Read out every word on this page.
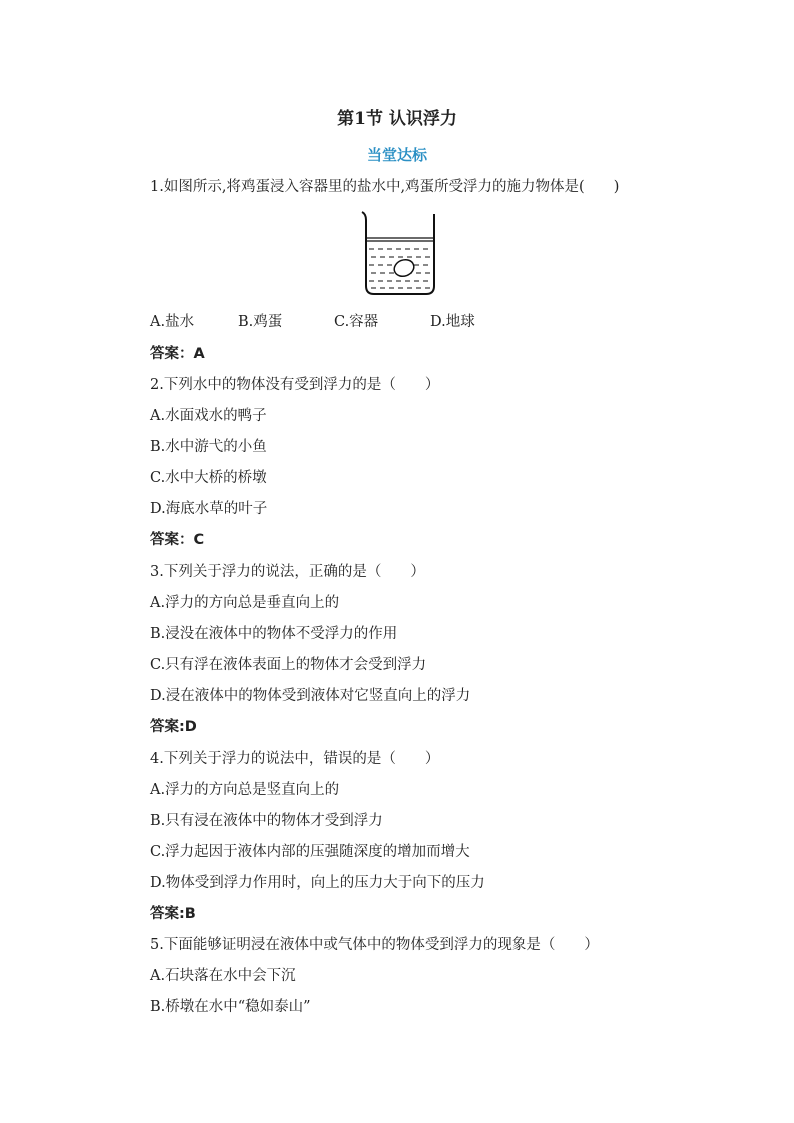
第1节 认识浮力
当堂达标
1.如图所示,将鸡蛋浸入容器里的盐水中,鸡蛋所受浮力的施力物体是(　　)
A.盐水	B.鸡蛋	C.容器	D.地球
答案：A
2.下列水中的物体没有受到浮力的是（　　）
A.水面戏水的鸭子
B.水中游弋的小鱼
C.水中大桥的桥墩
D.海底水草的叶子
答案：C
3.下列关于浮力的说法，正确的是（　　）
A.浮力的方向总是垂直向上的
B.浸没在液体中的物体不受浮力的作用
C.只有浮在液体表面上的物体才会受到浮力
D.浸在液体中的物体受到液体对它竖直向上的浮力
答案:D
4.下列关于浮力的说法中，错误的是（　　）
A.浮力的方向总是竖直向上的
B.只有浸在液体中的物体才受到浮力
C.浮力起因于液体内部的压强随深度的增加而增大
D.物体受到浮力作用时，向上的压力大于向下的压力
答案:B
5.下面能够证明浸在液体中或气体中的物体受到浮力的现象是（　　）
A.石块落在水中会下沉
B.桥墩在水中“稳如泰山”
